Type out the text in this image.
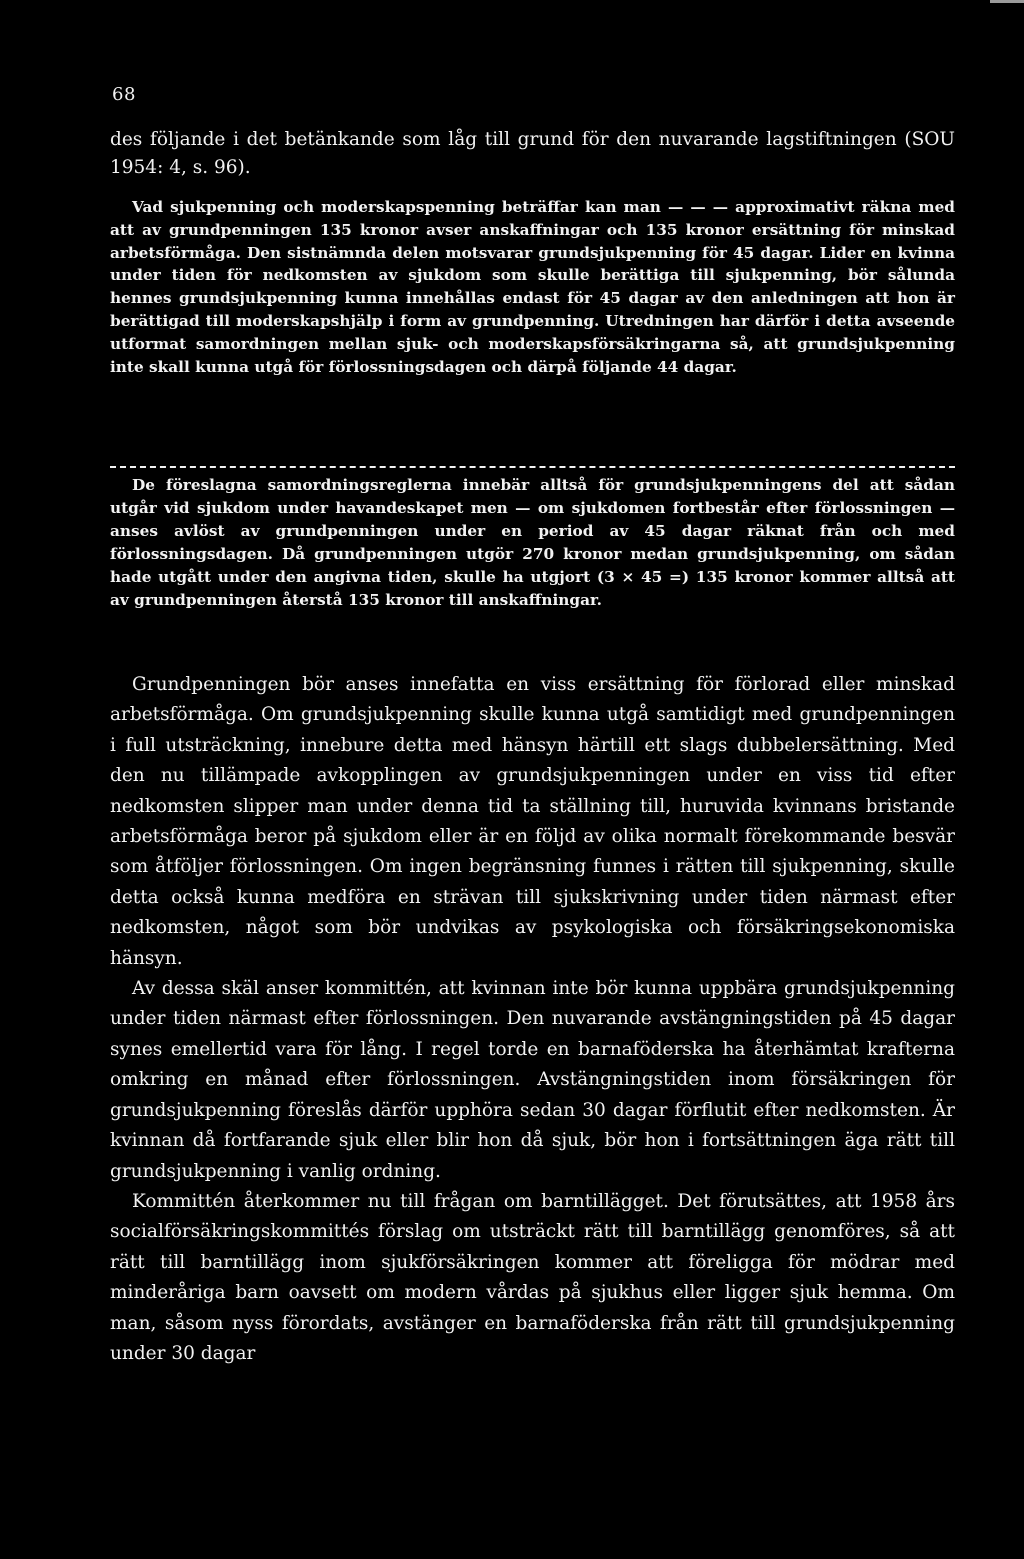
68

des följande i det betänkande som låg till grund för den nuvarande lagstiftningen (SOU 1954: 4, s. 96).

Vad sjukpenning och moderskapspenning beträffar kan man — — — approximativt räkna med att av grundpenningen 135 kronor avser anskaffningar och 135 kronor ersättning för minskad arbetsförmåga. Den sistnämnda delen motsvarar grundsjukpenning för 45 dagar. Lider en kvinna under tiden för nedkomsten av sjukdom som skulle berättiga till sjukpenning, bör sålunda hennes grundsjukpenning kunna innehållas endast för 45 dagar av den anledningen att hon är berättigad till moderskapshjälp i form av grundpenning. Utredningen har därför i detta avseende utformat samordningen mellan sjuk- och moderskapsförsäkringarna så, att grundsjukpenning inte skall kunna utgå för förlossningsdagen och därpå följande 44 dagar.

De föreslagna samordningsreglerna innebär alltså för grundsjukpenningens del att sådan utgår vid sjukdom under havandeskapet men — om sjukdomen fortbestår efter förlossningen — anses avlöst av grundpenningen under en period av 45 dagar räknat från och med förlossningsdagen. Då grundpenningen utgör 270 kronor medan grundsjukpenning, om sådan hade utgått under den angivna tiden, skulle ha utgjort (3 × 45 =) 135 kronor kommer alltså att av grundpenningen återstå 135 kronor till anskaffningar.

Grundpenningen bör anses innefatta en viss ersättning för förlorad eller minskad arbetsförmåga. Om grundsjukpenning skulle kunna utgå samtidigt med grundpenningen i full utsträckning, innebure detta med hänsyn härtill ett slags dubbelersättning. Med den nu tillämpade avkopplingen av grundsjukpenningen under en viss tid efter nedkomsten slipper man under denna tid ta ställning till, huruvida kvinnans bristande arbetsförmåga beror på sjukdom eller är en följd av olika normalt förekommande besvär som åtföljer förlossningen. Om ingen begränsning funnes i rätten till sjukpenning, skulle detta också kunna medföra en strävan till sjukskrivning under tiden närmast efter nedkomsten, något som bör undvikas av psykologiska och försäkringsekonomiska hänsyn.

Av dessa skäl anser kommittén, att kvinnan inte bör kunna uppbära grundsjukpenning under tiden närmast efter förlossningen. Den nuvarande avstängningstiden på 45 dagar synes emellertid vara för lång. I regel torde en barnaföderska ha återhämtat krafterna omkring en månad efter förlossningen. Avstängningstiden inom försäkringen för grundsjukpenning föreslås därför upphöra sedan 30 dagar förflutit efter nedkomsten. Är kvinnan då fortfarande sjuk eller blir hon då sjuk, bör hon i fortsättningen äga rätt till grundsjukpenning i vanlig ordning.

Kommittén återkommer nu till frågan om barntillägget. Det förutsättes, att 1958 års socialförsäkringskommittés förslag om utsträckt rätt till barntillägg genomföres, så att rätt till barntillägg inom sjukförsäkringen kommer att föreligga för mödrar med minderåriga barn oavsett om modern vårdas på sjukhus eller ligger sjuk hemma. Om man, såsom nyss förordats, avstänger en barnaföderska från rätt till grundsjukpenning under 30 dagar
